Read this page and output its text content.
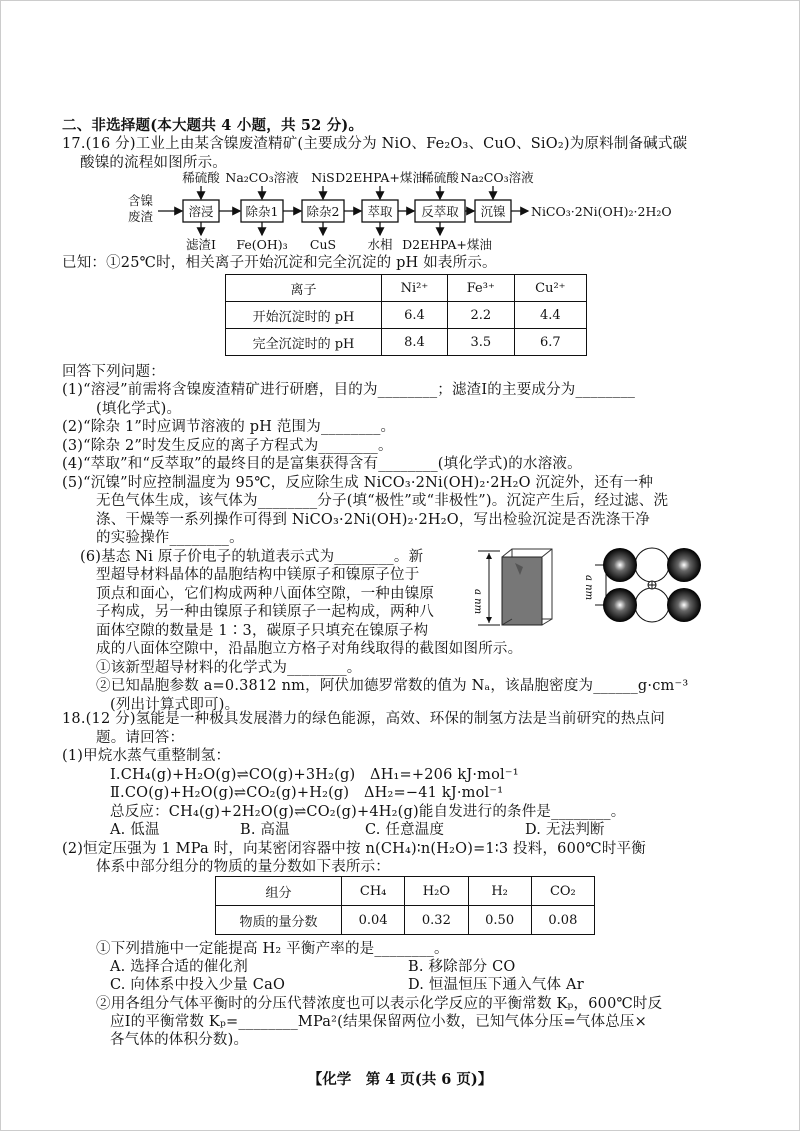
二、非选择题(本大题共 4 小题，共 52 分)。
17.(16 分)工业上由某含镍废渣精矿(主要成分为 NiO、Fe₂O₃、CuO、SiO₂)为原料制备碱式碳
酸镍的流程如图所示。
含镍
废渣
稀硫酸 Na₂CO₃溶液 NiS D2EHPA+煤油
稀硫酸 Na₂CO₃溶液
溶浸	除杂1 除杂2 萃取 反萃取 沉镍
滤渣Ⅰ Fe(OH)₃ CuS	水相 D2EHPA+煤油
NiCO₃·2Ni(OH)₂·2H₂O
已知：①25℃时，相关离子开始沉淀和完全沉淀的 pH 如表所示。
离子	Ni²⁺	Fe³⁺	Cu²⁺
开始沉淀时的 pH	6.4	2.2	4.4
完全沉淀时的 pH	8.4	3.5	6.7
回答下列问题：
(1)“溶浸”前需将含镍废渣精矿进行研磨，目的为________；滤渣Ⅰ的主要成分为________
(填化学式)。
(2)“除杂 1”时应调节溶液的 pH 范围为________。
(3)“除杂 2”时发生反应的离子方程式为________。
(4)“萃取”和“反萃取”的最终目的是富集获得含有________(填化学式)的水溶液。
(5)“沉镍”时应控制温度为 95℃，反应除生成 NiCO₃·2Ni(OH)₂·2H₂O 沉淀外，还有一种
无色气体生成，该气体为________分子(填“极性”或“非极性”)。沉淀产生后，经过滤、洗
涤、干燥等一系列操作可得到 NiCO₃·2Ni(OH)₂·2H₂O，写出检验沉淀是否洗涤干净
的实验操作________。
(6)基态 Ni 原子价电子的轨道表示式为________。新
型超导材料晶体的晶胞结构中镁原子和镍原子位于
顶点和面心，它们构成两种八面体空隙，一种由镍原
子构成，另一种由镍原子和镁原子一起构成，两种八
面体空隙的数量是 1∶3，碳原子只填充在镍原子构
成的八面体空隙中，沿晶胞立方格子对角线取得的截图如图所示。
①该新型超导材料的化学式为________。
②已知晶胞参数 a=0.3812 nm，阿伏加德罗常数的值为 Nₐ，该晶胞密度为______g·cm⁻³
(列出计算式即可)。
a nm
a nm
18.(12 分)氢能是一种极具发展潜力的绿色能源，高效、环保的制氢方法是当前研究的热点问
题。请回答：
(1)甲烷水蒸气重整制氢：
Ⅰ.CH₄(g)+H₂O(g)⇌CO(g)+3H₂(g)　ΔH₁=+206 kJ·mol⁻¹
Ⅱ.CO(g)+H₂O(g)⇌CO₂(g)+H₂(g)　ΔH₂=−41 kJ·mol⁻¹
总反应：CH₄(g)+2H₂O(g)⇌CO₂(g)+4H₂(g)能自发进行的条件是________。
A. 低温	B. 高温	C. 任意温度	D. 无法判断
(2)恒定压强为 1 MPa 时，向某密闭容器中按 n(CH₄)∶n(H₂O)=1∶3 投料，600℃时平衡
体系中部分组分的物质的量分数如下表所示：
组分	CH₄	H₂O	H₂	CO₂
物质的量分数	0.04	0.32	0.50	0.08
①下列措施中一定能提高 H₂ 平衡产率的是________。
A. 选择合适的催化剂	B. 移除部分 CO
C. 向体系中投入少量 CaO	D. 恒温恒压下通入气体 Ar
②用各组分气体平衡时的分压代替浓度也可以表示化学反应的平衡常数 Kₚ，600℃时反
应Ⅰ的平衡常数 Kₚ=________MPa²(结果保留两位小数，已知气体分压=气体总压×
各气体的体积分数)。
【化学　第 4 页(共 6 页)】
